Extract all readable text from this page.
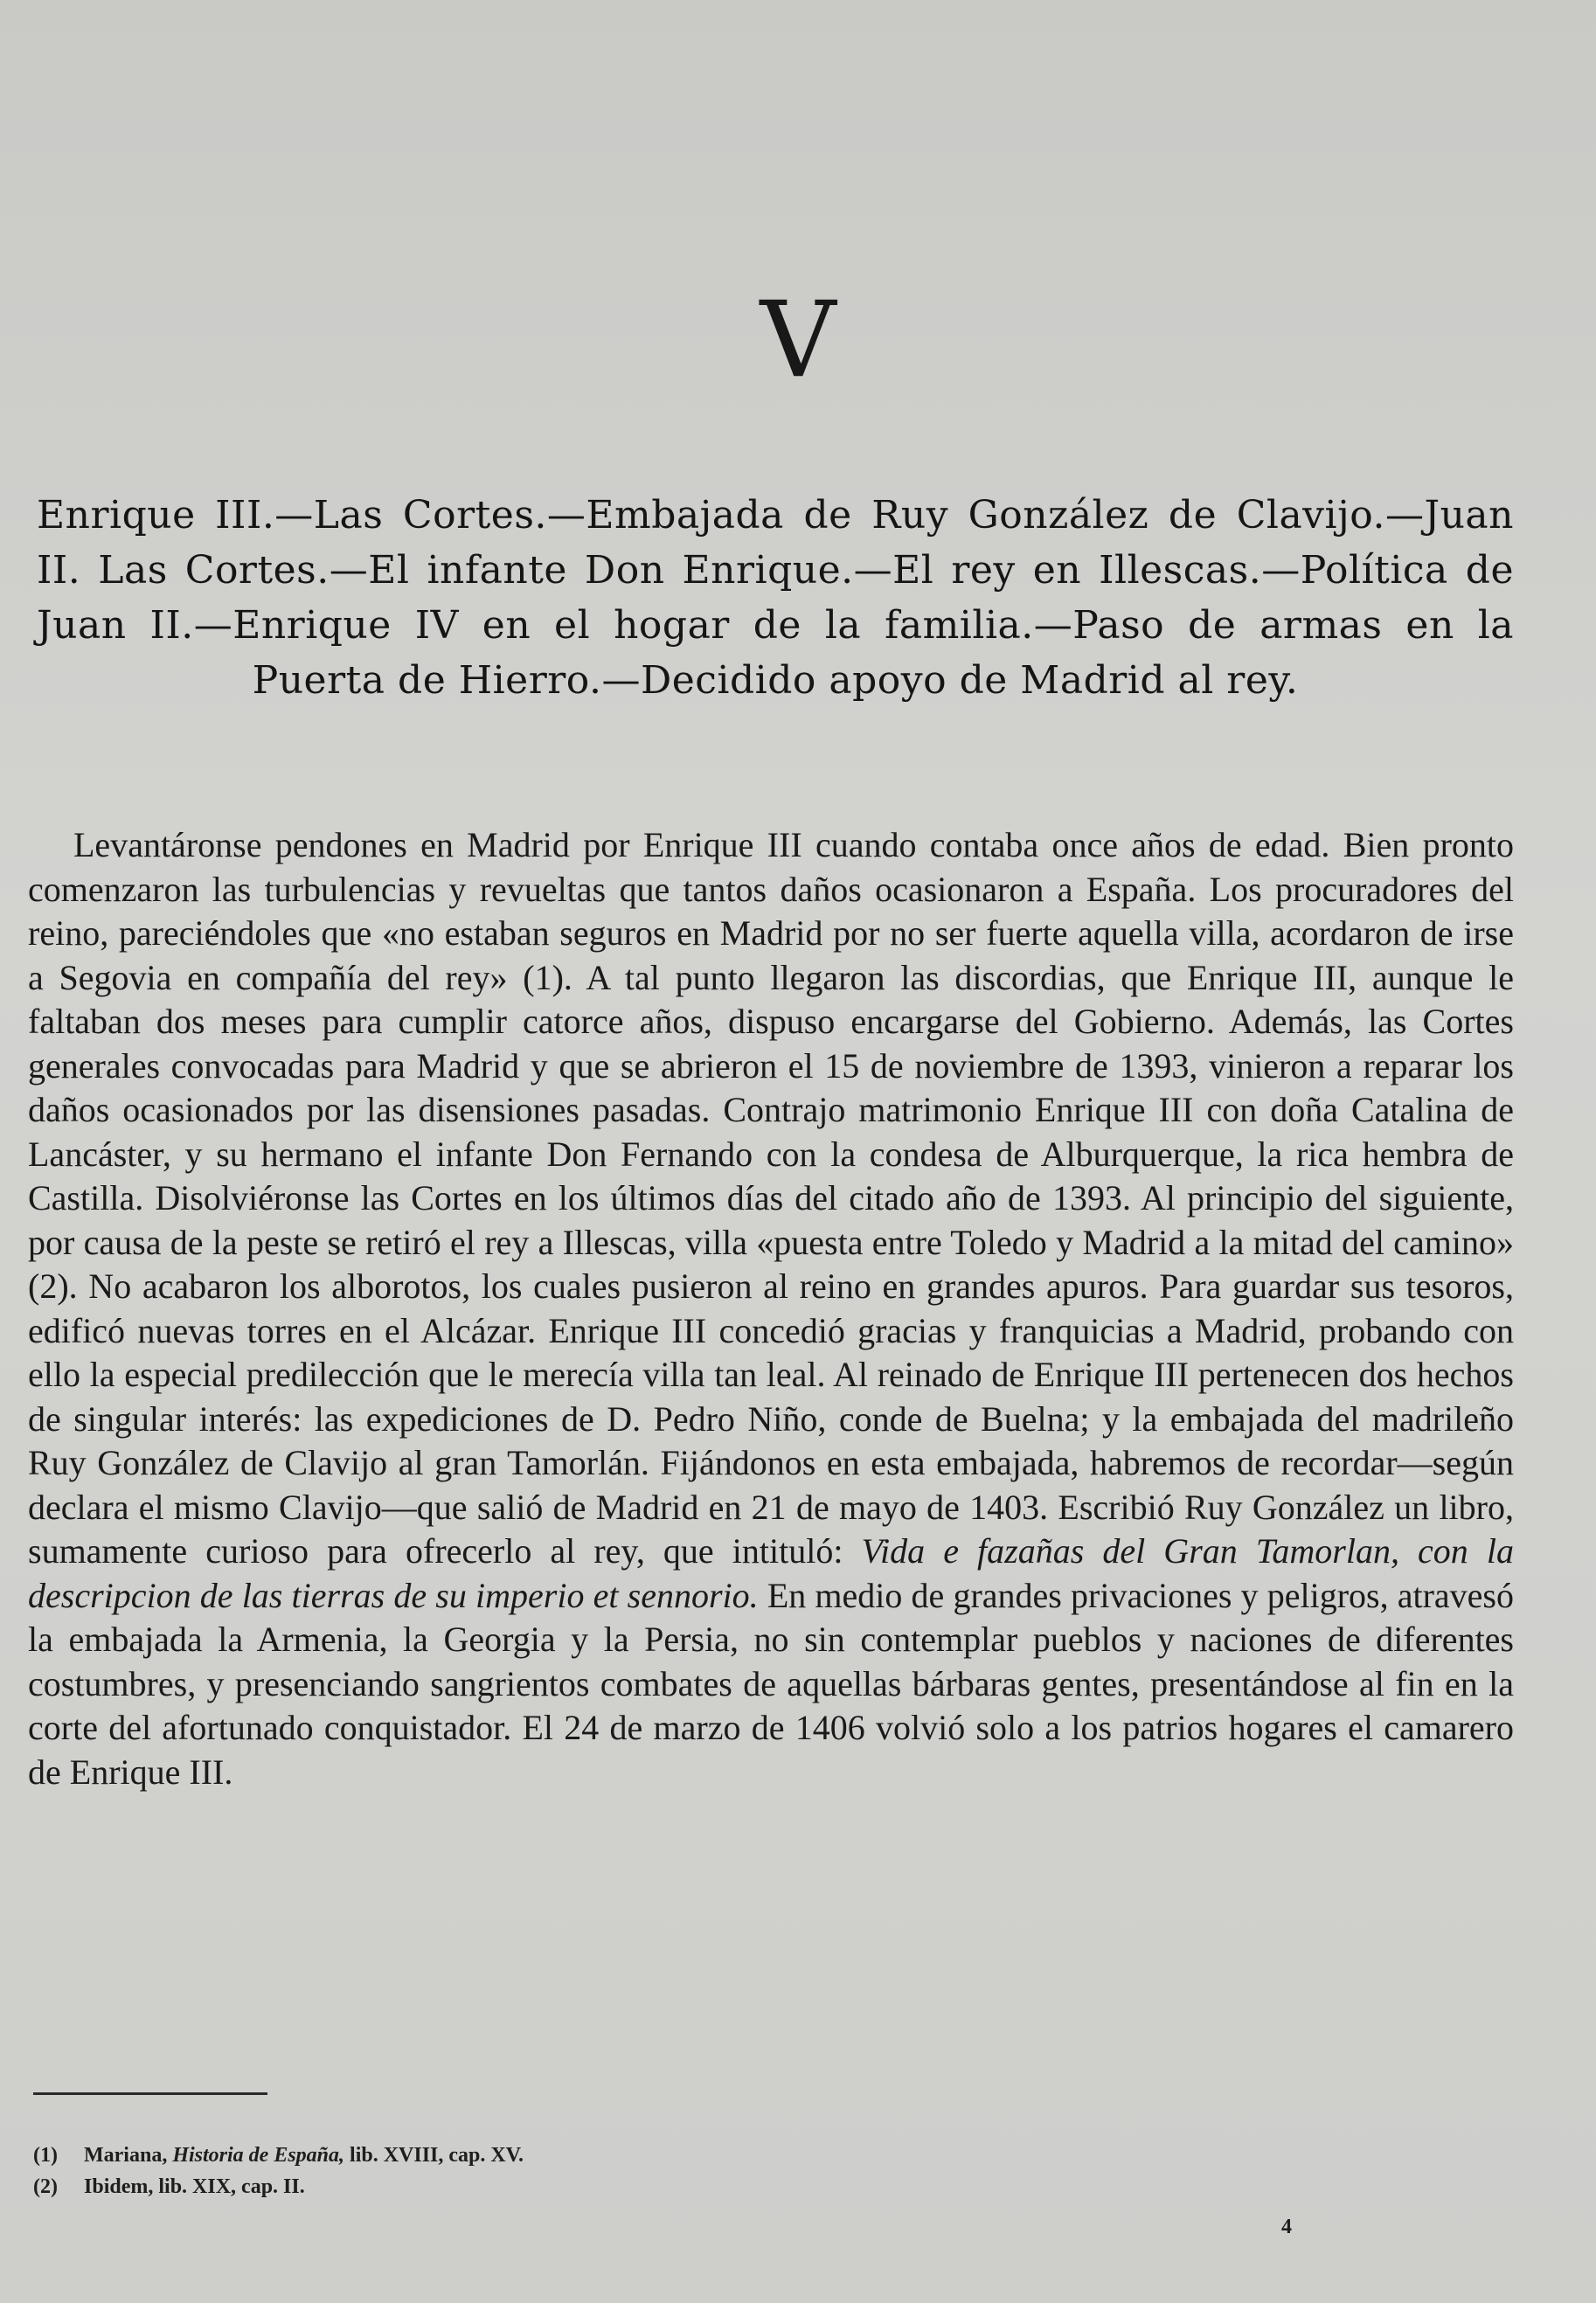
V
Enrique III.—Las Cortes.—Embajada de Ruy González de Clavijo.—Juan II. Las Cortes.—El infante Don Enrique.—El rey en Illescas.—Política de Juan II.—Enrique IV en el hogar de la familia.—Paso de armas en la Puerta de Hierro.—Decidido apoyo de Madrid al rey.

Levantáronse pendones en Madrid por Enrique III cuando contaba once años de edad. Bien pronto comenzaron las turbulencias y revueltas que tantos daños ocasionaron a España. Los procuradores del reino, pareciéndoles que «no estaban seguros en Madrid por no ser fuerte aquella villa, acordaron de irse a Segovia en compañía del rey» (1). A tal punto llegaron las discordias, que Enrique III, aunque le faltaban dos meses para cumplir catorce años, dispuso encargarse del Gobierno. Además, las Cortes generales convocadas para Madrid y que se abrieron el 15 de noviembre de 1393, vinieron a reparar los daños ocasionados por las disensiones pasadas. Contrajo matrimonio Enrique III con doña Catalina de Lancáster, y su hermano el infante Don Fernando con la condesa de Alburquerque, la rica hembra de Castilla. Disolviéronse las Cortes en los últimos días del citado año de 1393. Al principio del siguiente, por causa de la peste se retiró el rey a Illescas, villa «puesta entre Toledo y Madrid a la mitad del camino» (2). No acabaron los alborotos, los cuales pusieron al reino en grandes apuros. Para guardar sus tesoros, edificó nuevas torres en el Alcázar. Enrique III concedió gracias y franquicias a Madrid, probando con ello la especial predilección que le merecía villa tan leal. Al reinado de Enrique III pertenecen dos hechos de singular interés: las expediciones de D. Pedro Niño, conde de Buelna; y la embajada del madrileño Ruy González de Clavijo al gran Tamorlán. Fijándonos en esta embajada, habremos de recordar—según declara el mismo Clavijo—que salió de Madrid en 21 de mayo de 1403. Escribió Ruy González un libro, sumamente curioso para ofrecerlo al rey, que intituló: Vida e fazañas del Gran Tamorlan, con la descripcion de las tierras de su imperio et sennorio. En medio de grandes privaciones y peligros, atravesó la embajada la Armenia, la Georgia y la Persia, no sin contemplar pueblos y naciones de diferentes costumbres, y presenciando sangrientos combates de aquellas bárbaras gentes, presentándose al fin en la corte del afortunado conquistador. El 24 de marzo de 1406 volvió solo a los patrios hogares el camarero de Enrique III.

(1) Mariana, Historia de España, lib. XVIII, cap. XV.
(2) Ibidem, lib. XIX, cap. II.
4
